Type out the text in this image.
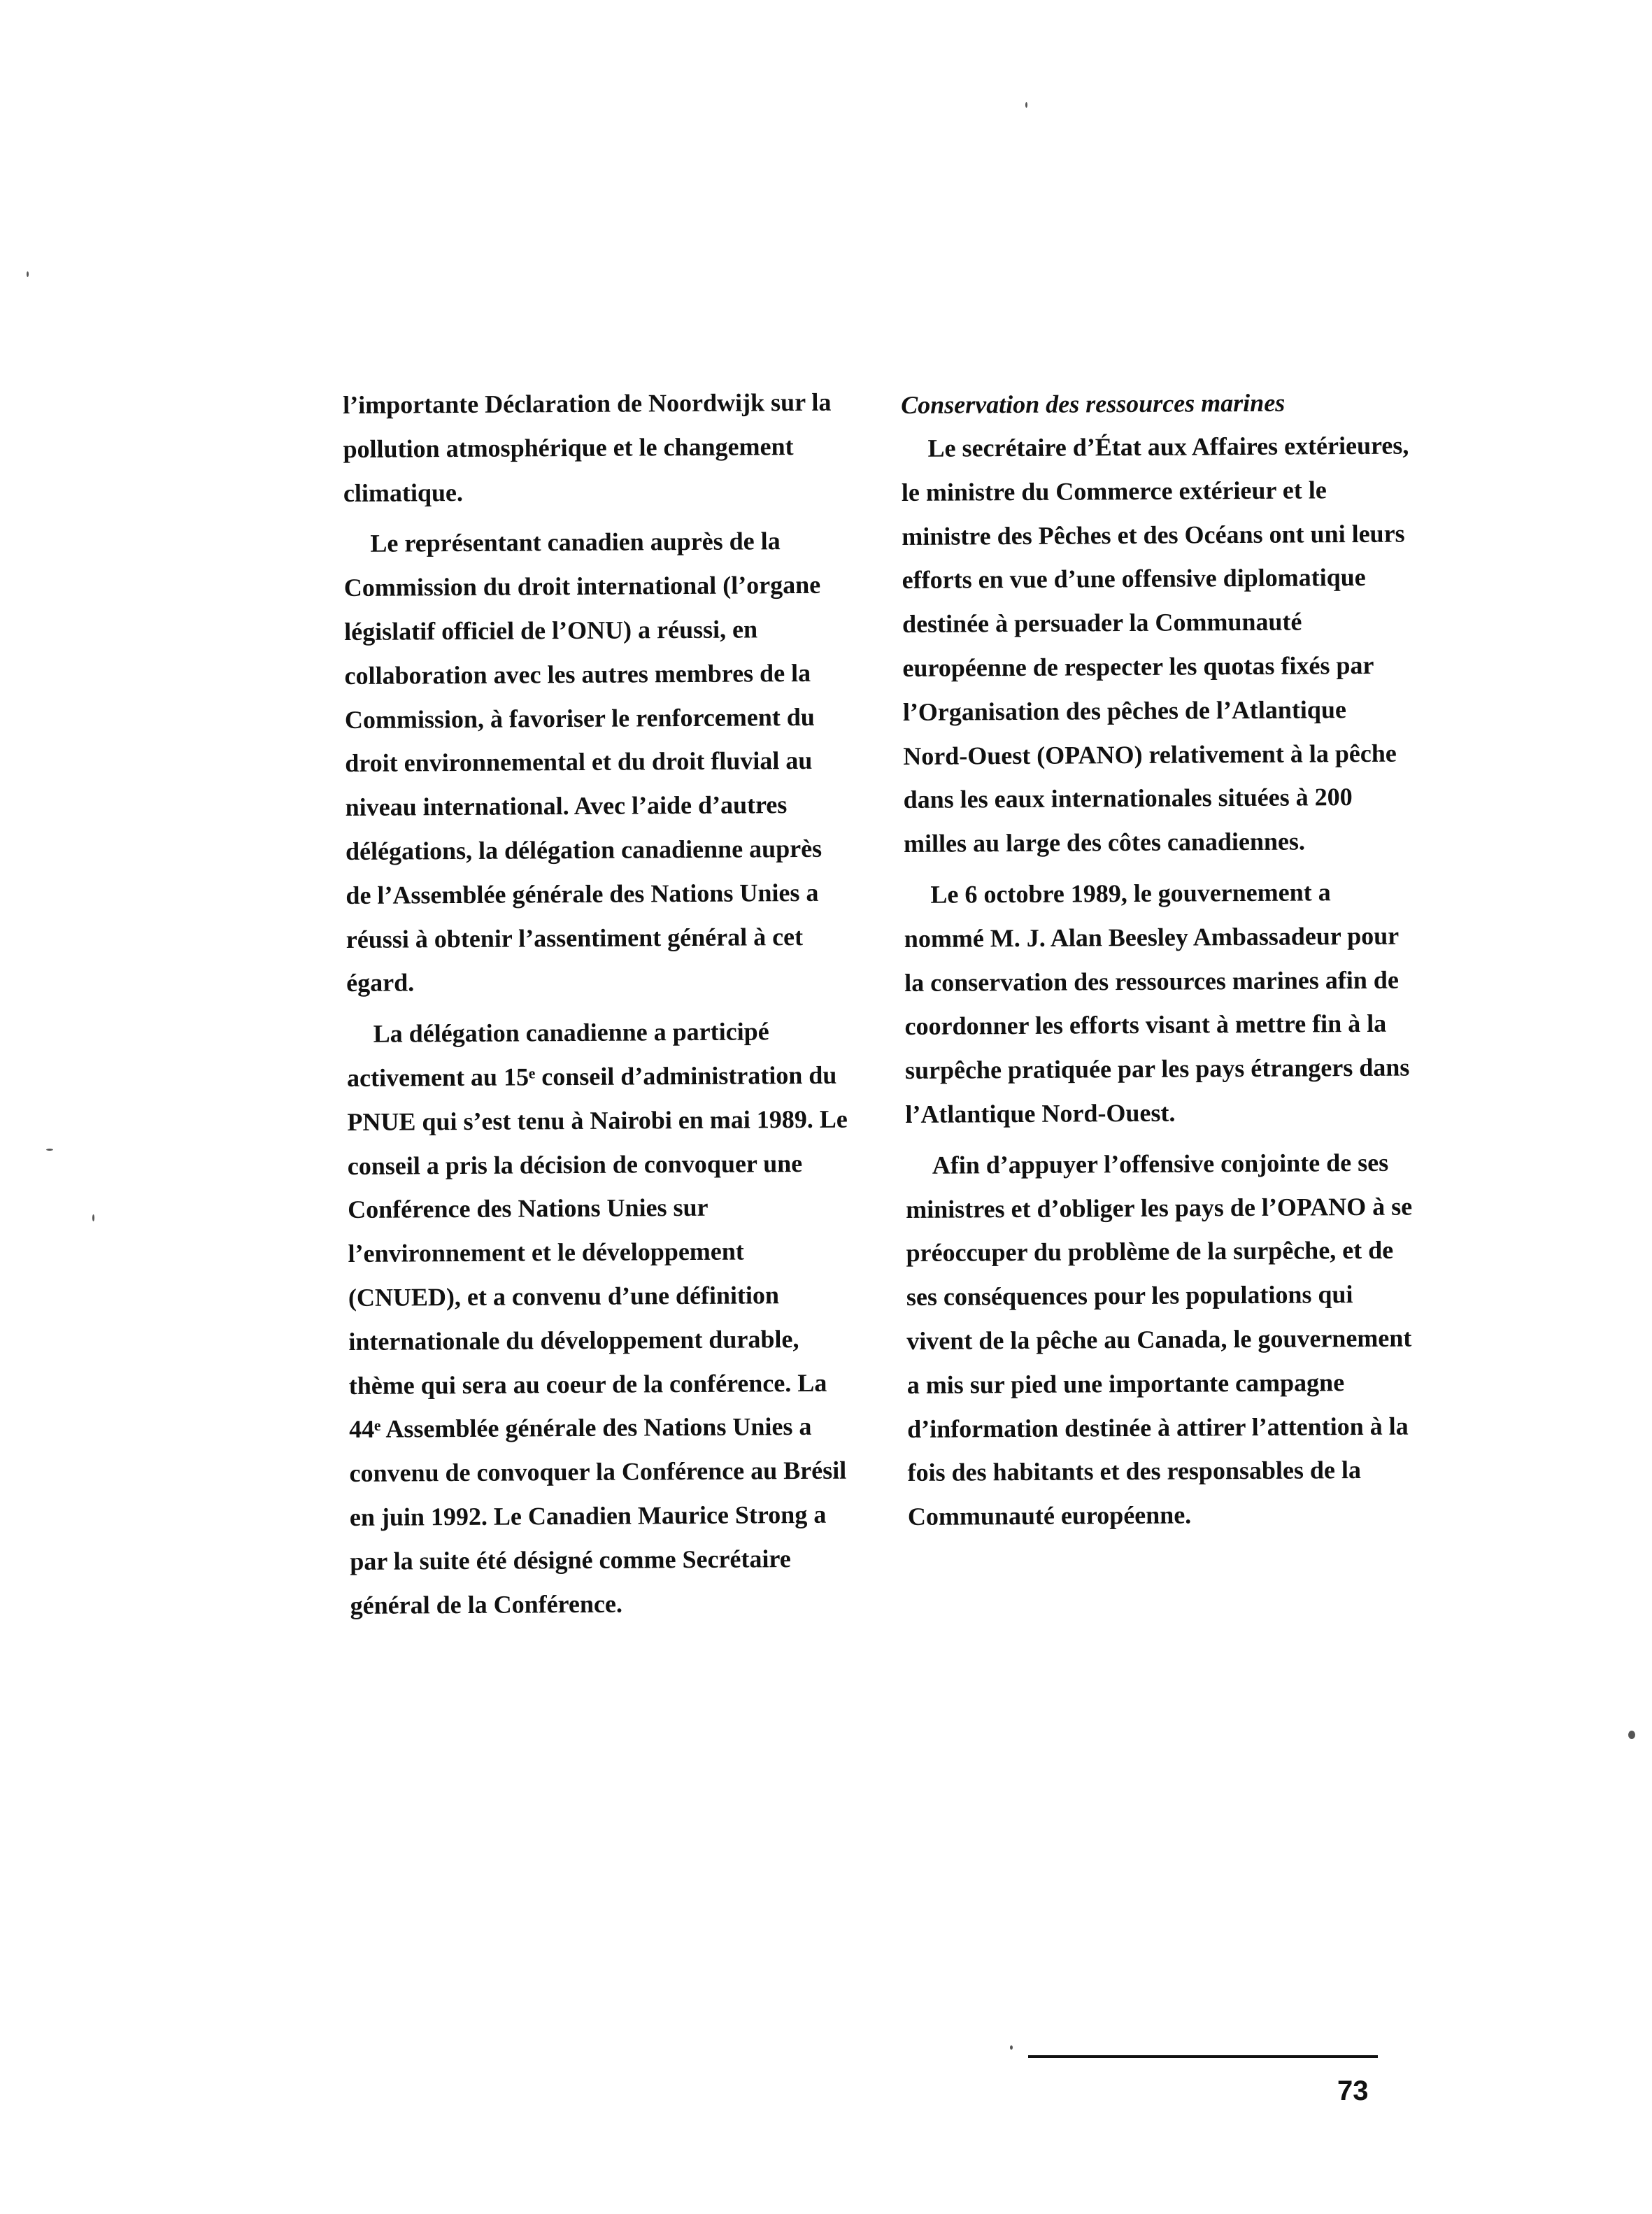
l’importante Déclaration de Noordwijk sur la pollution atmosphérique et le changement climatique.

Le représentant canadien auprès de la Commission du droit international (l’organe législatif officiel de l’ONU) a réussi, en collaboration avec les autres membres de la Commission, à favoriser le renforcement du droit environnemental et du droit fluvial au niveau international. Avec l’aide d’autres délégations, la délégation canadienne auprès de l’Assemblée générale des Nations Unies a réussi à obtenir l’assentiment général à cet égard.

La délégation canadienne a participé activement au 15ᵉ conseil d’administration du PNUE qui s’est tenu à Nairobi en mai 1989. Le conseil a pris la décision de convoquer une Conférence des Nations Unies sur l’environnement et le développement (CNUED), et a convenu d’une définition internationale du développement durable, thème qui sera au coeur de la conférence. La 44ᵉ Assemblée générale des Nations Unies a convenu de convoquer la Conférence au Brésil en juin 1992. Le Canadien Maurice Strong a par la suite été désigné comme Secrétaire général de la Conférence.

Conservation des ressources marines

Le secrétaire d’État aux Affaires extérieures, le ministre du Commerce extérieur et le ministre des Pêches et des Océans ont uni leurs efforts en vue d’une offensive diplomatique destinée à persuader la Communauté européenne de respecter les quotas fixés par l’Organisation des pêches de l’Atlantique Nord-Ouest (OPANO) relativement à la pêche dans les eaux internationales situées à 200 milles au large des côtes canadiennes.

Le 6 octobre 1989, le gouvernement a nommé M. J. Alan Beesley Ambassadeur pour la conservation des ressources marines afin de coordonner les efforts visant à mettre fin à la surpêche pratiquée par les pays étrangers dans l’Atlantique Nord-Ouest.

Afin d’appuyer l’offensive conjointe de ses ministres et d’obliger les pays de l’OPANO à se préoccuper du problème de la surpêche, et de ses conséquences pour les populations qui vivent de la pêche au Canada, le gouvernement a mis sur pied une importante campagne d’information destinée à attirer l’attention à la fois des habitants et des responsables de la Communauté européenne.

73
